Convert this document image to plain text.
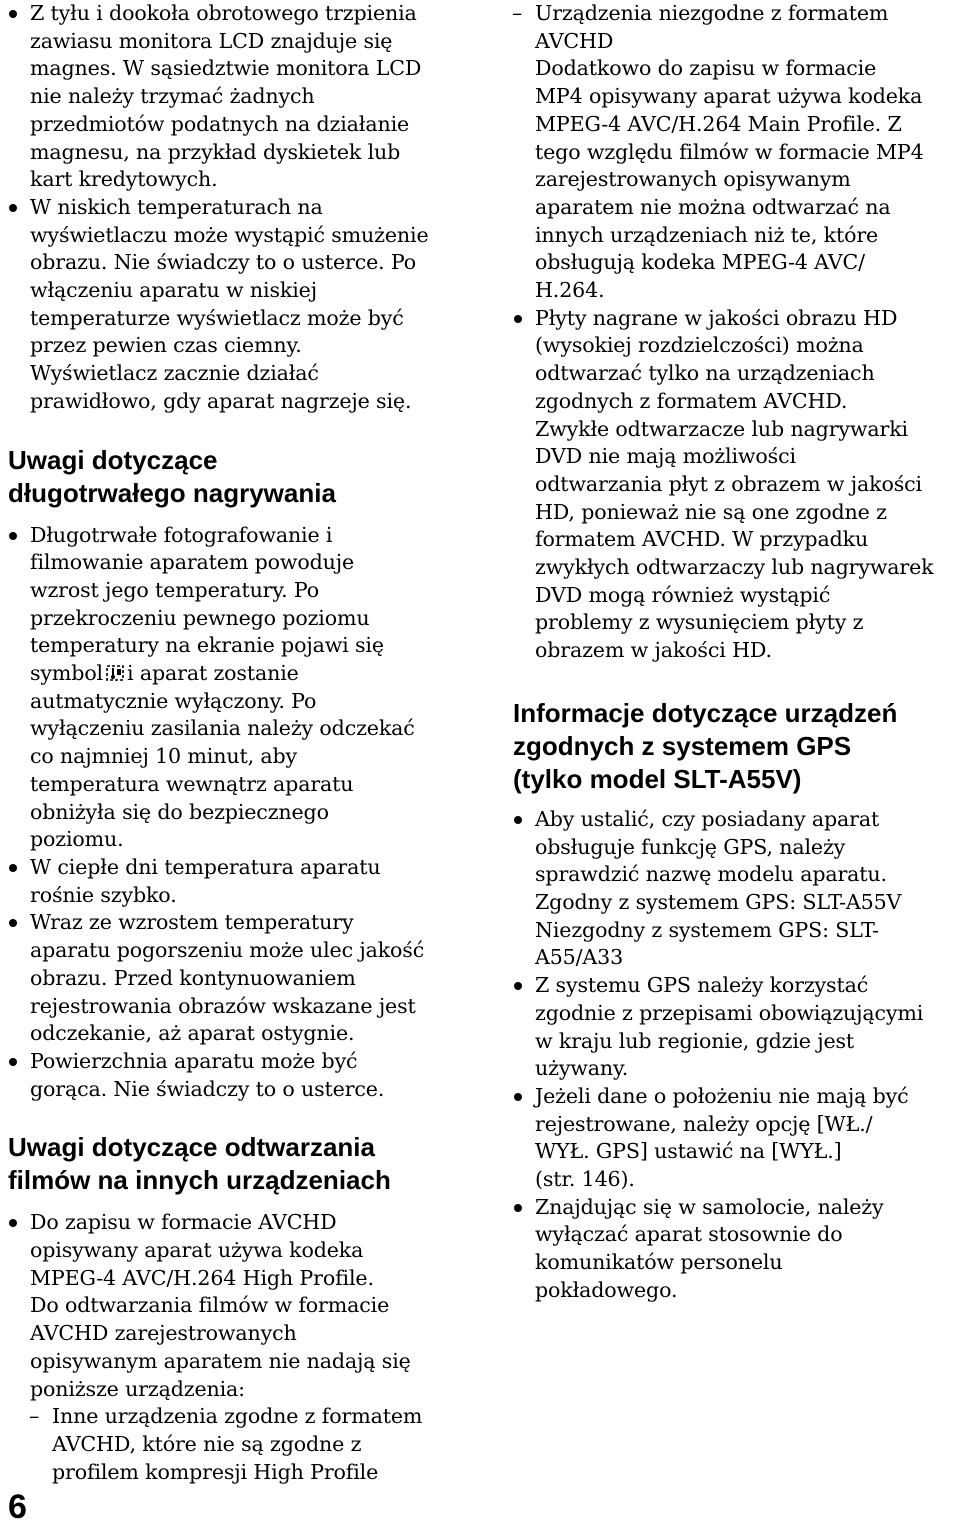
Z tyłu i dookoła obrotowego trzpienia
zawiasu monitora LCD znajduje się
magnes. W sąsiedztwie monitora LCD
nie należy trzymać żadnych
przedmiotów podatnych na działanie
magnesu, na przykład dyskietek lub
kart kredytowych.

W niskich temperaturach na
wyświetlaczu może wystąpić smużenie
obrazu. Nie świadczy to o usterce. Po
włączeniu aparatu w niskiej
temperaturze wyświetlacz może być
przez pewien czas ciemny.
Wyświetlacz zacznie działać
prawidłowo, gdy aparat nagrzeje się.

Uwagi dotyczące
długotrwałego nagrywania

Długotrwałe fotografowanie i
filmowanie aparatem powoduje
wzrost jego temperatury. Po
przekroczeniu pewnego poziomu
temperatury na ekranie pojawi się
symbol i aparat zostanie
autmatycznie wyłączony. Po
wyłączeniu zasilania należy odczekać
co najmniej 10 minut, aby
temperatura wewnątrz aparatu
obniżyła się do bezpiecznego
poziomu.

W ciepłe dni temperatura aparatu
rośnie szybko.

Wraz ze wzrostem temperatury
aparatu pogorszeniu może ulec jakość
obrazu. Przed kontynuowaniem
rejestrowania obrazów wskazane jest
odczekanie, aż aparat ostygnie.

Powierzchnia aparatu może być
gorąca. Nie świadczy to o usterce.

Uwagi dotyczące odtwarzania
filmów na innych urządzeniach

Do zapisu w formacie AVCHD
opisywany aparat używa kodeka
MPEG-4 AVC/H.264 High Profile.
Do odtwarzania filmów w formacie
AVCHD zarejestrowanych
opisywanym aparatem nie nadają się
poniższe urządzenia:

– Inne urządzenia zgodne z formatem
AVCHD, które nie są zgodne z
profilem kompresji High Profile

– Urządzenia niezgodne z formatem
AVCHD

Dodatkowo do zapisu w formacie
MP4 opisywany aparat używa kodeka
MPEG-4 AVC/H.264 Main Profile. Z
tego względu filmów w formacie MP4
zarejestrowanych opisywanym
aparatem nie można odtwarzać na
innych urządzeniach niż te, które
obsługują kodeka MPEG-4 AVC/
H.264.

Płyty nagrane w jakości obrazu HD
(wysokiej rozdzielczości) można
odtwarzać tylko na urządzeniach
zgodnych z formatem AVCHD.
Zwykłe odtwarzacze lub nagrywarki
DVD nie mają możliwości
odtwarzania płyt z obrazem w jakości
HD, ponieważ nie są one zgodne z
formatem AVCHD. W przypadku
zwykłych odtwarzaczy lub nagrywarek
DVD mogą również wystąpić
problemy z wysunięciem płyty z
obrazem w jakości HD.

Informacje dotyczące urządzeń
zgodnych z systemem GPS
(tylko model SLT-A55V)

Aby ustalić, czy posiadany aparat
obsługuje funkcję GPS, należy
sprawdzić nazwę modelu aparatu.
Zgodny z systemem GPS: SLT-A55V
Niezgodny z systemem GPS: SLT-
A55/A33

Z systemu GPS należy korzystać
zgodnie z przepisami obowiązującymi
w kraju lub regionie, gdzie jest
używany.

Jeżeli dane o położeniu nie mają być
rejestrowane, należy opcję [WŁ./
WYŁ. GPS] ustawić na [WYŁ.]
(str. 146).

Znajdując się w samolocie, należy
wyłączać aparat stosownie do
komunikatów personelu
pokładowego.

6
